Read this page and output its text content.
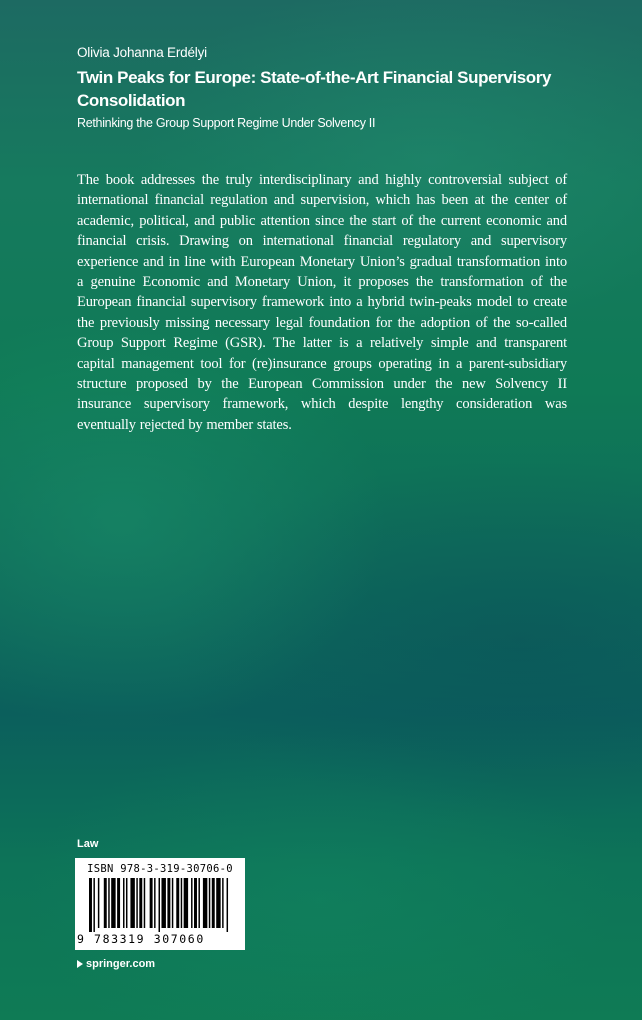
Olivia Johanna Erdélyi
Twin Peaks for Europe: State-of-the-Art Financial Supervisory
Consolidation
Rethinking the Group Support Regime Under Solvency II

The book addresses the truly interdisciplinary and highly controversial subject of international financial regulation and supervision, which has been at the center of academic, political, and public attention since the start of the current economic and financial crisis. Drawing on international financial regulatory and supervisory experience and in line with European Monetary Union’s gradual transformation into a genuine Economic and Monetary Union, it proposes the transformation of the European financial supervisory framework into a hybrid twin-peaks model to create the previously missing necessary legal foundation for the adoption of the so-called Group Support Regime (GSR). The latter is a relatively simple and transparent capital management tool for (re)insurance groups operating in a parent-subsidiary structure proposed by the European Commission under the new Solvency II insurance supervisory framework, which despite lengthy consideration was eventually rejected by member states.

Law
ISBN 978-3-319-30706-0
9 783319 307060
springer.com
